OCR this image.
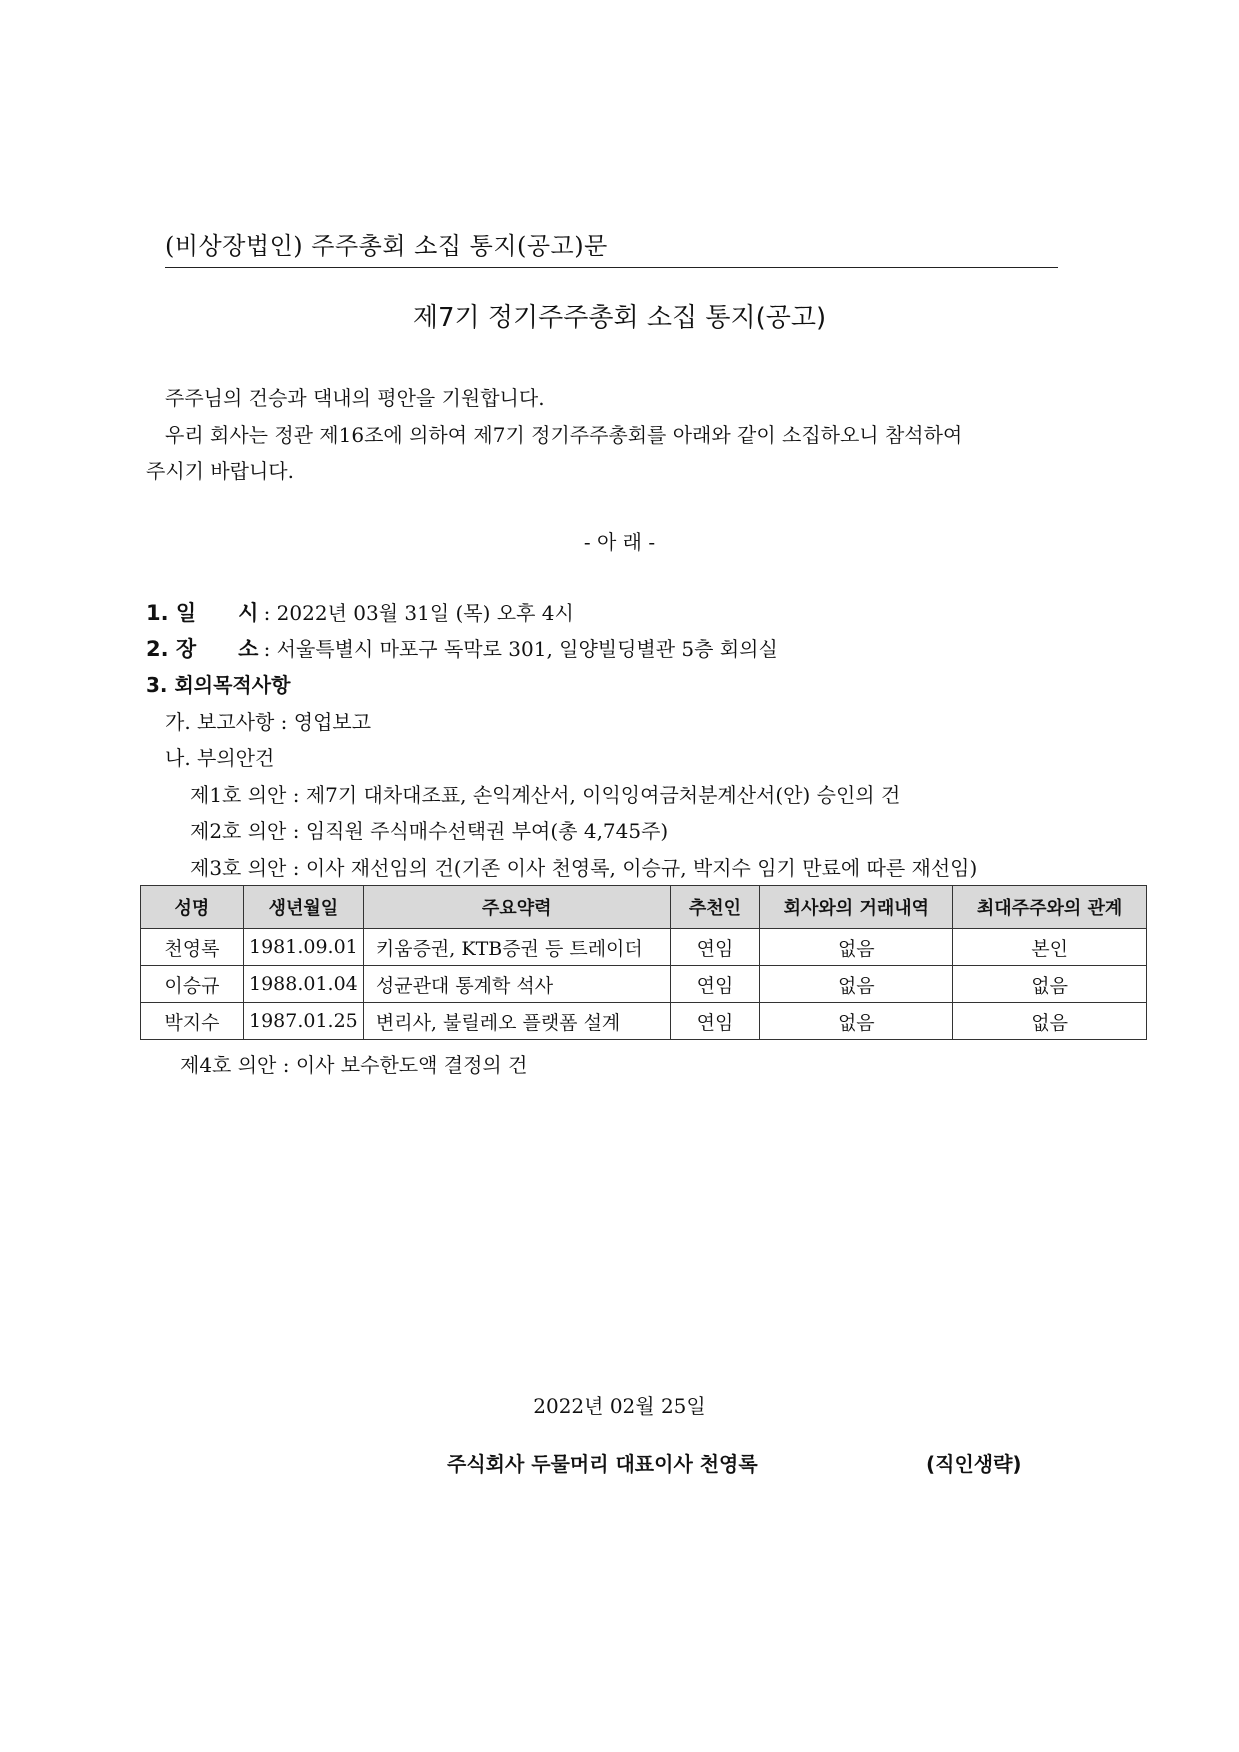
(비상장법인) 주주총회 소집 통지(공고)문
제7기 정기주주총회 소집 통지(공고)
주주님의 건승과 댁내의 평안을 기원합니다.
우리 회사는 정관 제16조에 의하여 제7기 정기주주총회를 아래와 같이 소집하오니 참석하여
주시기 바랍니다.
- 아 래 -
1. 일　　시 : 2022년 03월 31일 (목) 오후 4시
2. 장　　소 : 서울특별시 마포구 독막로 301, 일양빌딩별관 5층 회의실
3. 회의목적사항
가. 보고사항 : 영업보고
나. 부의안건
제1호 의안 : 제7기 대차대조표, 손익계산서, 이익잉여금처분계산서(안) 승인의 건
제2호 의안 : 임직원 주식매수선택권 부여(총 4,745주)
제3호 의안 : 이사 재선임의 건(기존 이사 천영록, 이승규, 박지수 임기 만료에 따른 재선임)
성명	생년월일	주요약력	추천인	회사와의 거래내역	최대주주와의 관계
천영록	1981.09.01	키움증권, KTB증권 등 트레이더	연임	없음	본인
이승규	1988.01.04	성균관대 통계학 석사	연임	없음	없음
박지수	1987.01.25	변리사, 불릴레오 플랫폼 설계	연임	없음	없음
제4호 의안 : 이사 보수한도액 결정의 건
2022년 02월 25일
주식회사 두물머리 대표이사 천영록	(직인생략)
